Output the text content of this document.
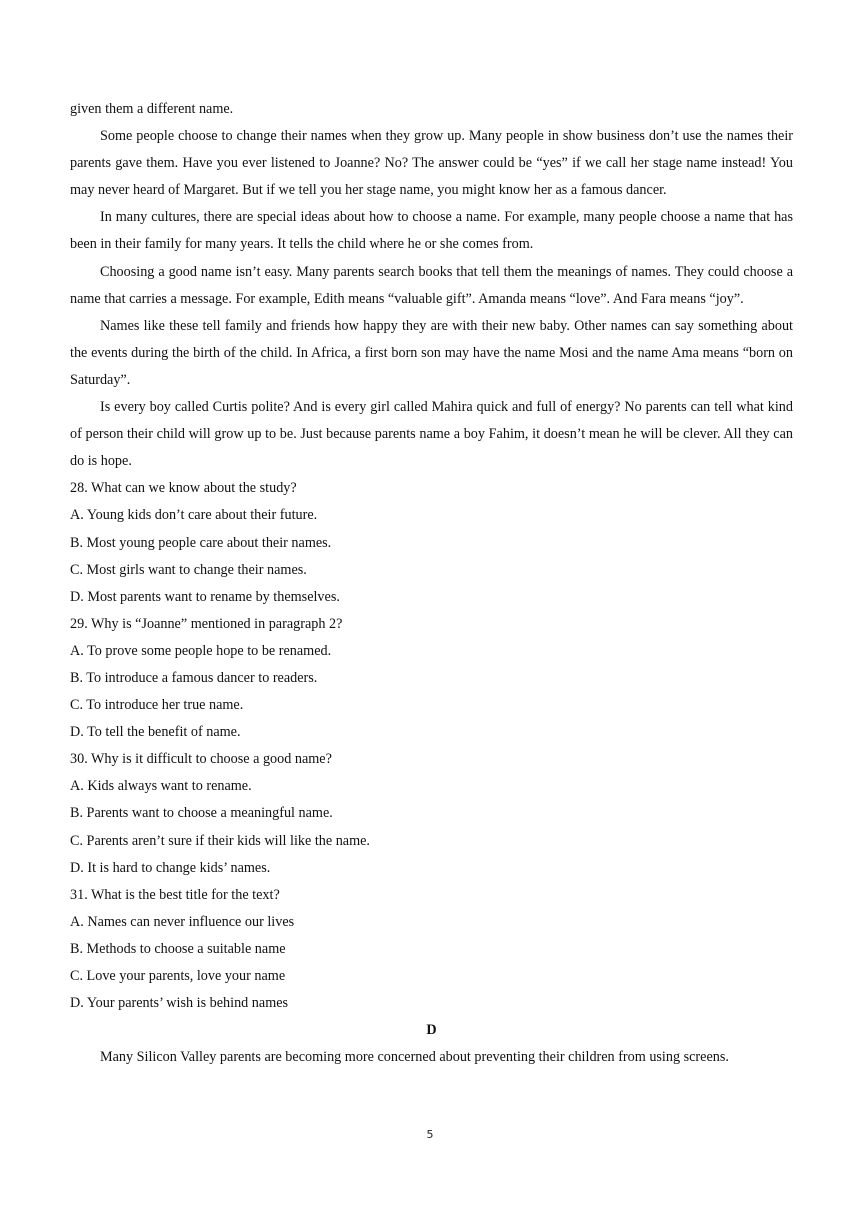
given them a different name.

Some people choose to change their names when they grow up. Many people in show business don’t use the names their parents gave them. Have you ever listened to Joanne? No? The answer could be “yes” if we call her stage name instead! You may never heard of Margaret. But if we tell you her stage name, you might know her as a famous dancer.

In many cultures, there are special ideas about how to choose a name. For example, many people choose a name that has been in their family for many years. It tells the child where he or she comes from.

Choosing a good name isn’t easy. Many parents search books that tell them the meanings of names. They could choose a name that carries a message. For example, Edith means “valuable gift”. Amanda means “love”. And Fara means “joy”.

Names like these tell family and friends how happy they are with their new baby. Other names can say something about the events during the birth of the child. In Africa, a first born son may have the name Mosi and the name Ama means “born on Saturday”.

Is every boy called Curtis polite? And is every girl called Mahira quick and full of energy? No parents can tell what kind of person their child will grow up to be. Just because parents name a boy Fahim, it doesn’t mean he will be clever. All they can do is hope.

28. What can we know about the study?

A. Young kids don’t care about their future.

B. Most young people care about their names.

C. Most girls want to change their names.

D. Most parents want to rename by themselves.

29. Why is “Joanne” mentioned in paragraph 2?

A. To prove some people hope to be renamed.

B. To introduce a famous dancer to readers.

C. To introduce her true name.

D. To tell the benefit of name.

30. Why is it difficult to choose a good name?

A. Kids always want to rename.

B. Parents want to choose a meaningful name.

C. Parents aren’t sure if their kids will like the name.

D. It is hard to change kids’ names.

31. What is the best title for the text?

A. Names can never influence our lives

B. Methods to choose a suitable name

C. Love your parents, love your name

D. Your parents’ wish is behind names

D

Many Silicon Valley parents are becoming more concerned about preventing their children from using screens.

5
